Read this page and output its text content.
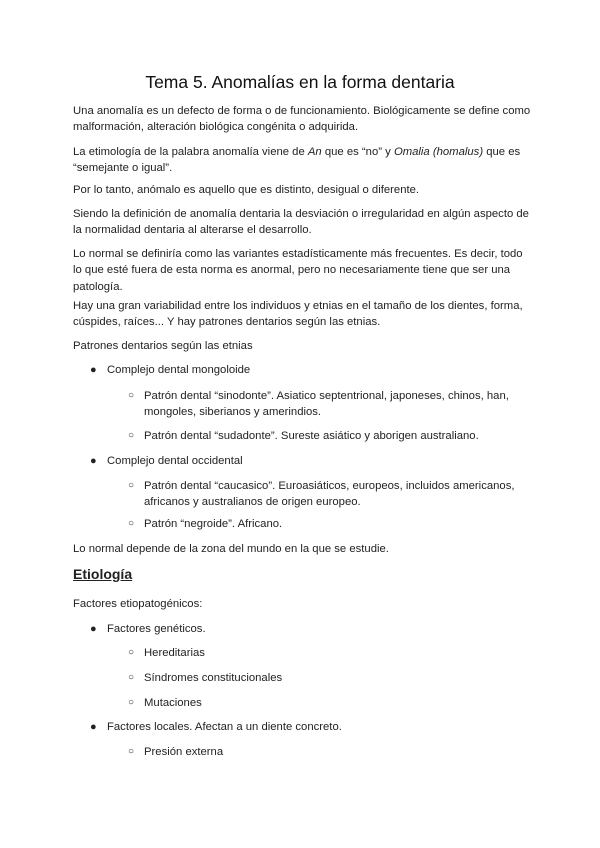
Tema 5. Anomalías en la forma dentaria

Una anomalía es un defecto de forma o de funcionamiento. Biológicamente se define como malformación, alteración biológica congénita o adquirida.

La etimología de la palabra anomalía viene de An que es “no” y Omalia (homalus) que es “semejante o igual”.

Por lo tanto, anómalo es aquello que es distinto, desigual o diferente.

Siendo la definición de anomalía dentaria la desviación o irregularidad en algún aspecto de la normalidad dentaria al alterarse el desarrollo.

Lo normal se definiría como las variantes estadísticamente más frecuentes. Es decir, todo lo que esté fuera de esta norma es anormal, pero no necesariamente tiene que ser una patología.

Hay una gran variabilidad entre los individuos y etnias en el tamaño de los dientes, forma, cúspides, raíces... Y hay patrones dentarios según las etnias.

Patrones dentarios según las etnias

● Complejo dental mongoloide

○ Patrón dental “sinodonte”. Asiatico septentrional, japoneses, chinos, han, mongoles, siberianos y amerindios.

○ Patrón dental “sudadonte”. Sureste asiático y aborigen australiano.

● Complejo dental occidental

○ Patrón dental “caucasico”. Euroasiáticos, europeos, incluidos americanos, africanos y australianos de origen europeo.

○ Patrón “negroide”. Africano.

Lo normal depende de la zona del mundo en la que se estudie.

Etiología

Factores etiopatogénicos:

● Factores genéticos.

○ Hereditarias

○ Síndromes constitucionales

○ Mutaciones

● Factores locales. Afectan a un diente concreto.

○ Presión externa
